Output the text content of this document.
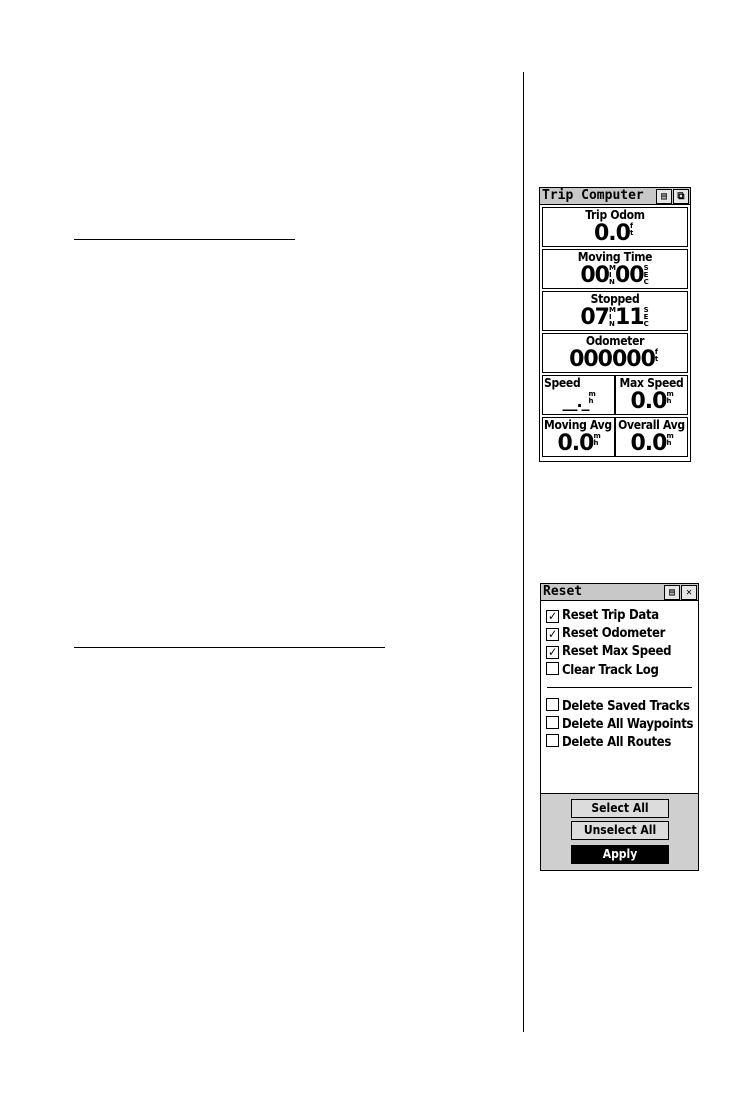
Trip Computer	▤	⧉
Trip Odom
0.0f t
Moving Time
00M I N00S E C
Stopped
07M I N11S E C
Odometer
000000f t
Speed
__._m h
Max Speed
0.0m h
Moving Avg
0.0m h
Overall Avg
0.0m h
Reset	▤	✕
✓ Reset Trip Data
✓ Reset Odometer
✓ Reset Max Speed
Clear Track Log
Delete Saved Tracks
Delete All Waypoints
Delete All Routes
Select All
Unselect All
Apply
